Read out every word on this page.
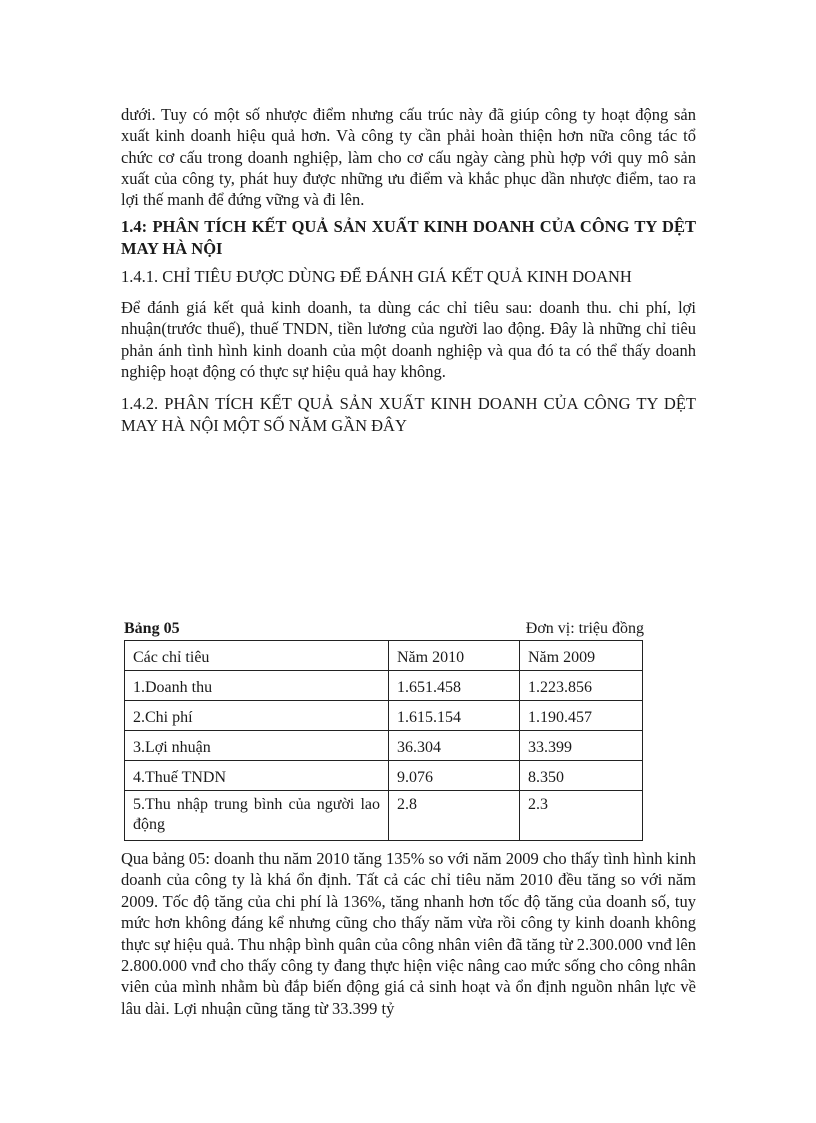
dưới. Tuy có một số nhược điểm nhưng cấu trúc này đã giúp công ty hoạt động sản xuất kinh doanh hiệu quả hơn. Và công ty cần phải hoàn thiện hơn nữa công tác tổ chức cơ cấu trong doanh nghiệp, làm cho cơ cấu ngày càng phù hợp với quy mô sản xuất của công ty, phát huy được những ưu điểm và khắc phục dần nhược điểm, tao ra lợi thế manh để đứng vững và đi lên.

1.4: PHÂN TÍCH KẾT QUẢ SẢN XUẤT KINH DOANH CỦA CÔNG TY DỆT MAY HÀ NỘI

1.4.1. CHỈ TIÊU ĐƯỢC DÙNG ĐỂ ĐÁNH GIÁ KẾT QUẢ KINH DOANH

Để đánh giá kết quả kinh doanh, ta dùng các chỉ tiêu sau: doanh thu. chi phí, lợi nhuận(trước thuế), thuế TNDN, tiền lương của người lao động. Đây là những chỉ tiêu phản ánh tình hình kinh doanh của một doanh nghiệp và qua đó ta có thể thấy doanh nghiệp hoạt động có thực sự hiệu quả hay không.

1.4.2. PHÂN TÍCH KẾT QUẢ SẢN XUẤT KINH DOANH CỦA CÔNG TY DỆT MAY HÀ NỘI MỘT SỐ NĂM GẦN ĐÂY

Bảng 05	Đơn vị: triệu đồng
Các chỉ tiêu	Năm 2010	Năm 2009
1.Doanh thu	1.651.458	1.223.856
2.Chi phí	1.615.154	1.190.457
3.Lợi nhuận	36.304	33.399
4.Thuế TNDN	9.076	8.350
5.Thu nhập trung bình của người lao động	2.8	2.3

Qua bảng 05: doanh thu năm 2010 tăng 135% so với năm 2009 cho thấy tình hình kinh doanh của công ty là khá ổn định. Tất cả các chỉ tiêu năm 2010 đều tăng so với năm 2009. Tốc độ tăng của chi phí là 136%, tăng nhanh hơn tốc độ tăng của doanh số, tuy mức hơn không đáng kể nhưng cũng cho thấy năm vừa rồi công ty kinh doanh không thực sự hiệu quả. Thu nhập bình quân của công nhân viên đã tăng từ 2.300.000 vnđ lên 2.800.000 vnđ cho thấy công ty đang thực hiện việc nâng cao mức sống cho công nhân viên của mình nhằm bù đắp biến động giá cả sinh hoạt và ổn định nguồn nhân lực về lâu dài. Lợi nhuận cũng tăng từ 33.399 tỷ
